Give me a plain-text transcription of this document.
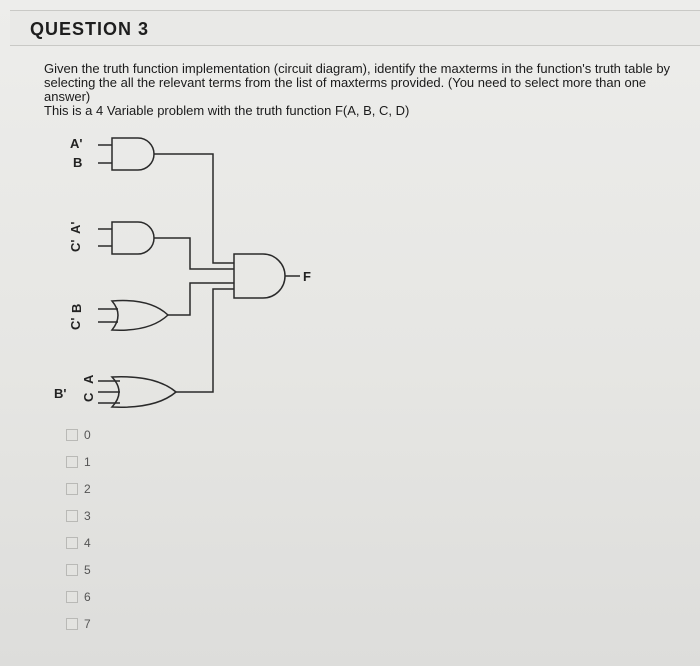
QUESTION 3

Given the truth function implementation (circuit diagram), identify the maxterms in the function's truth table by selecting the all the relevant terms from the list of maxterms provided. (You need to select more than one answer)

This is a 4 Variable problem with the truth function F(A, B, C, D)

A'
B
A'
C'
B
C'
B'
A
C
F
0
1
2
3
4
5
6
7
